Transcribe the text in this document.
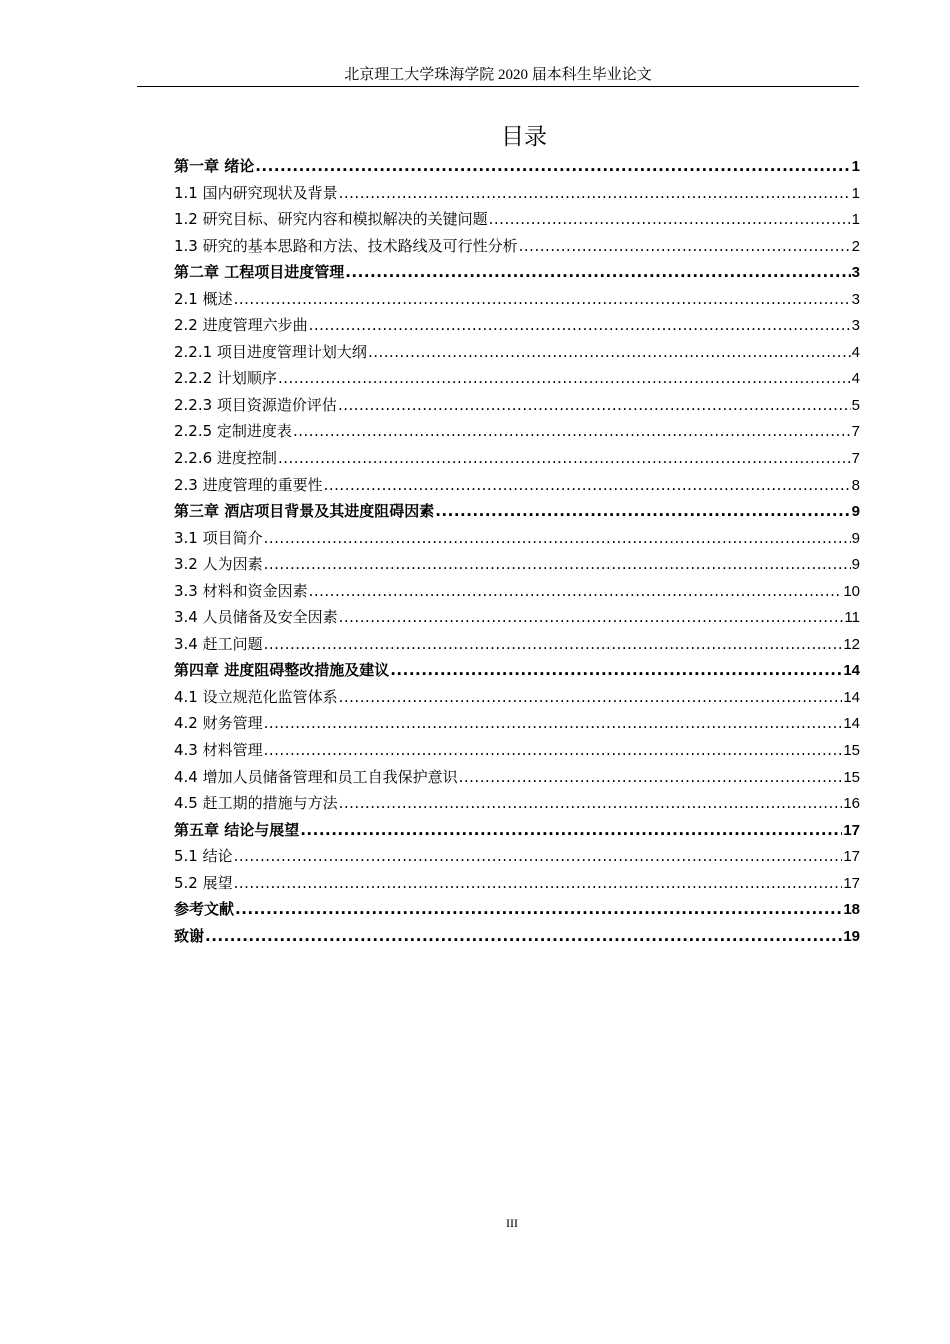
北京理工大学珠海学院 2020 届本科生毕业论文
目录
第一章 绪论 .....	1
1.1 国内研究现状及背景 .....	1
1.2 研究目标、研究内容和模拟解决的关键问题 .....	1
1.3 研究的基本思路和方法、技术路线及可行性分析 .....	2
第二章 工程项目进度管理 .....	3
2.1 概述 .....	3
2.2 进度管理六步曲 .....	3
2.2.1 项目进度管理计划大纲 .....	4
2.2.2 计划顺序 .....	4
2.2.3 项目资源造价评估 .....	5
2.2.5 定制进度表 .....	7
2.2.6 进度控制 .....	7
2.3 进度管理的重要性 .....	8
第三章 酒店项目背景及其进度阻碍因素 .....	9
3.1 项目简介 .....	9
3.2 人为因素 .....	9
3.3 材料和资金因素 .....	10
3.4 人员储备及安全因素 .....	11
3.4 赶工问题 .....	12
第四章 进度阻碍整改措施及建议 .....	14
4.1 设立规范化监管体系 .....	14
4.2 财务管理 .....	14
4.3 材料管理 .....	15
4.4 增加人员储备管理和员工自我保护意识 .....	15
4.5 赶工期的措施与方法 .....	16
第五章 结论与展望 .....	17
5.1 结论 .....	17
5.2 展望 .....	17
参考文献 .....	18
致谢 .....	19
III
